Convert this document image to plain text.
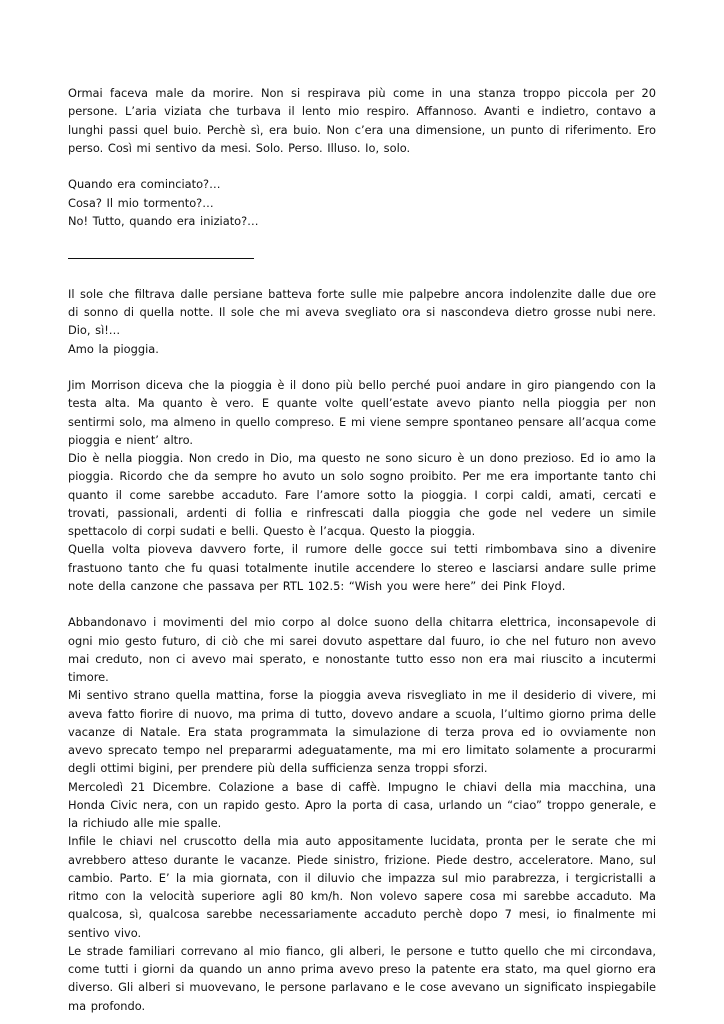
Ormai faceva male da morire. Non si respirava più come in una stanza troppo piccola per 20 persone. L’aria viziata che turbava il lento mio respiro. Affannoso. Avanti e indietro, contavo a lunghi passi quel buio. Perchè sì, era buio. Non c’era una dimensione, un punto di riferimento. Ero perso. Così mi sentivo da mesi. Solo. Perso. Illuso. Io, solo.

Quando era cominciato?…

Cosa? Il mio tormento?…

No! Tutto, quando era iniziato?…

Il sole che filtrava dalle persiane batteva forte sulle mie palpebre ancora indolenzite dalle due ore di sonno di quella notte. Il sole che mi aveva svegliato ora si nascondeva dietro grosse nubi nere. Dio, sì!…

Amo la pioggia.

Jim Morrison diceva che la pioggia è il dono più bello perché puoi andare in giro piangendo con la testa alta. Ma quanto è vero. E quante volte quell’estate avevo pianto nella pioggia per non sentirmi solo, ma almeno in quello compreso. E mi viene sempre spontaneo pensare all’acqua come pioggia e nient’ altro.

Dio è nella pioggia. Non credo in Dio, ma questo ne sono sicuro è un dono prezioso. Ed io amo la pioggia. Ricordo che da sempre ho avuto un solo sogno proibito. Per me era importante tanto chi quanto il come sarebbe accaduto. Fare l’amore sotto la pioggia. I corpi caldi, amati, cercati e trovati, passionali, ardenti di follia e rinfrescati dalla pioggia che gode nel vedere un simile spettacolo di corpi sudati e belli. Questo è l’acqua. Questo la pioggia.

Quella volta pioveva davvero forte, il rumore delle gocce sui tetti rimbombava sino a divenire frastuono tanto che fu quasi totalmente inutile accendere lo stereo e lasciarsi andare sulle prime note della canzone che passava per RTL 102.5: “Wish you were here” dei Pink Floyd.

Abbandonavo i movimenti del mio corpo al dolce suono della chitarra elettrica, inconsapevole di ogni mio gesto futuro, di ciò che mi sarei dovuto aspettare dal fuuro, io che nel futuro non avevo mai creduto, non ci avevo mai sperato, e nonostante tutto esso non era mai riuscito a incutermi timore.

Mi sentivo strano quella mattina, forse la pioggia aveva risvegliato in me il desiderio di vivere, mi aveva fatto fiorire di nuovo, ma prima di tutto, dovevo andare a scuola, l’ultimo giorno prima delle vacanze di Natale. Era stata programmata la simulazione di terza prova ed io ovviamente non avevo sprecato tempo nel prepararmi adeguatamente, ma mi ero limitato solamente a procurarmi degli ottimi bigini, per prendere più della sufficienza senza troppi sforzi.

Mercoledì 21 Dicembre. Colazione a base di caffè. Impugno le chiavi della mia macchina, una Honda Civic nera, con un rapido gesto. Apro la porta di casa, urlando un “ciao” troppo generale, e la richiudo alle mie spalle.

Infile le chiavi nel cruscotto della mia auto appositamente lucidata, pronta per le serate che mi avrebbero atteso durante le vacanze. Piede sinistro, frizione. Piede destro, acceleratore. Mano, sul cambio. Parto. E’ la mia giornata, con il diluvio che impazza sul mio parabrezza, i tergicristalli a ritmo con la velocità superiore agli 80 km/h. Non volevo sapere cosa mi sarebbe accaduto. Ma qualcosa, sì, qualcosa sarebbe necessariamente accaduto perchè dopo 7 mesi, io finalmente mi sentivo vivo.

Le strade familiari correvano al mio fianco, gli alberi, le persone e tutto quello che mi circondava, come tutti i giorni da quando un anno prima avevo preso la patente era stato, ma quel giorno era diverso. Gli alberi si muovevano, le persone parlavano e le cose avevano un significato inspiegabile ma profondo.
